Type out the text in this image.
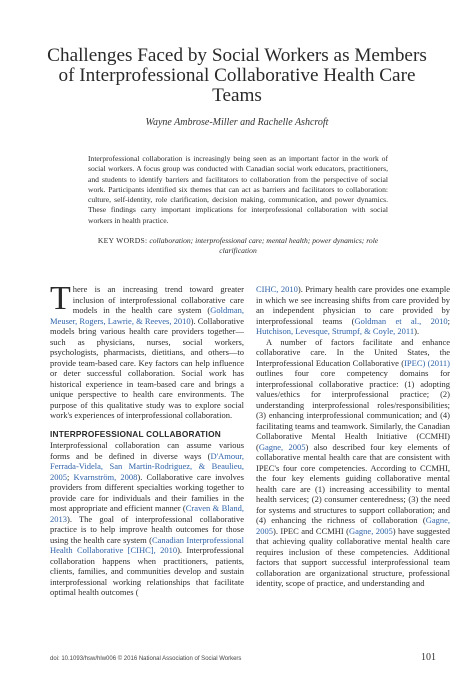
Challenges Faced by Social Workers as Members of Interprofessional Collaborative Health Care Teams

Wayne Ambrose-Miller and Rachelle Ashcroft

Interprofessional collaboration is increasingly being seen as an important factor in the work of social workers. A focus group was conducted with Canadian social work educators, practitioners, and students to identify barriers and facilitators to collaboration from the perspective of social work. Participants identified six themes that can act as barriers and facilitators to collaboration: culture, self-identity, role clarification, decision making, communication, and power dynamics. These findings carry important implications for interprofessional collaboration with social workers in health practice.

KEY WORDS: collaboration; interprofessional care; mental health; power dynamics; role clarification

There is an increasing trend toward greater inclusion of interprofessional collaborative care models in the health care system (Goldman, Meuser, Rogers, Lawrie, & Reeves, 2010). Collaborative models bring various health care providers together—such as physicians, nurses, social workers, psychologists, pharmacists, dietitians, and others—to provide team-based care. Key factors can help influence or deter successful collaboration. Social work has historical experience in team-based care and brings a unique perspective to health care environments. The purpose of this qualitative study was to explore social work's experiences of interprofessional collaboration.

INTERPROFESSIONAL COLLABORATION

Interprofessional collaboration can assume various forms and be defined in diverse ways (D'Amour, Ferrada-Videla, San Martin-Rodriguez, & Beaulieu, 2005; Kvarnström, 2008). Collaborative care involves providers from different specialties working together to provide care for individuals and their families in the most appropriate and efficient manner (Craven & Bland, 2013). The goal of interprofessional collaborative practice is to help improve health outcomes for those using the health care system (Canadian Interprofessional Health Collaborative [CIHC], 2010). Interprofessional collaboration happens when practitioners, patients, clients, families, and communities develop and sustain interprofessional working relationships that facilitate optimal health outcomes (

CIHC, 2010). Primary health care provides one example in which we see increasing shifts from care provided by an independent physician to care provided by interprofessional teams (Goldman et al., 2010; Hutchison, Levesque, Strumpf, & Coyle, 2011).

A number of factors facilitate and enhance collaborative care. In the United States, the Interprofessional Education Collaborative (IPEC) (2011) outlines four core competency domains for interprofessional collaborative practice: (1) adopting values/ethics for interprofessional practice; (2) understanding interprofessional roles/responsibilities; (3) enhancing interprofessional communication; and (4) facilitating teams and teamwork. Similarly, the Canadian Collaborative Mental Health Initiative (CCMHI) (Gagne, 2005) also described four key elements of collaborative mental health care that are consistent with IPEC's four core competencies. According to CCMHI, the four key elements guiding collaborative mental health care are (1) increasing accessibility to mental health services; (2) consumer centeredness; (3) the need for systems and structures to support collaboration; and (4) enhancing the richness of collaboration (Gagne, 2005). IPEC and CCMHI (Gagne, 2005) have suggested that achieving quality collaborative mental health care requires inclusion of these competencies. Additional factors that support successful interprofessional team collaboration are organizational structure, professional identity, scope of practice, and understanding and

doi: 10.1093/hsw/hlw006 © 2016 National Association of Social Workers	101
